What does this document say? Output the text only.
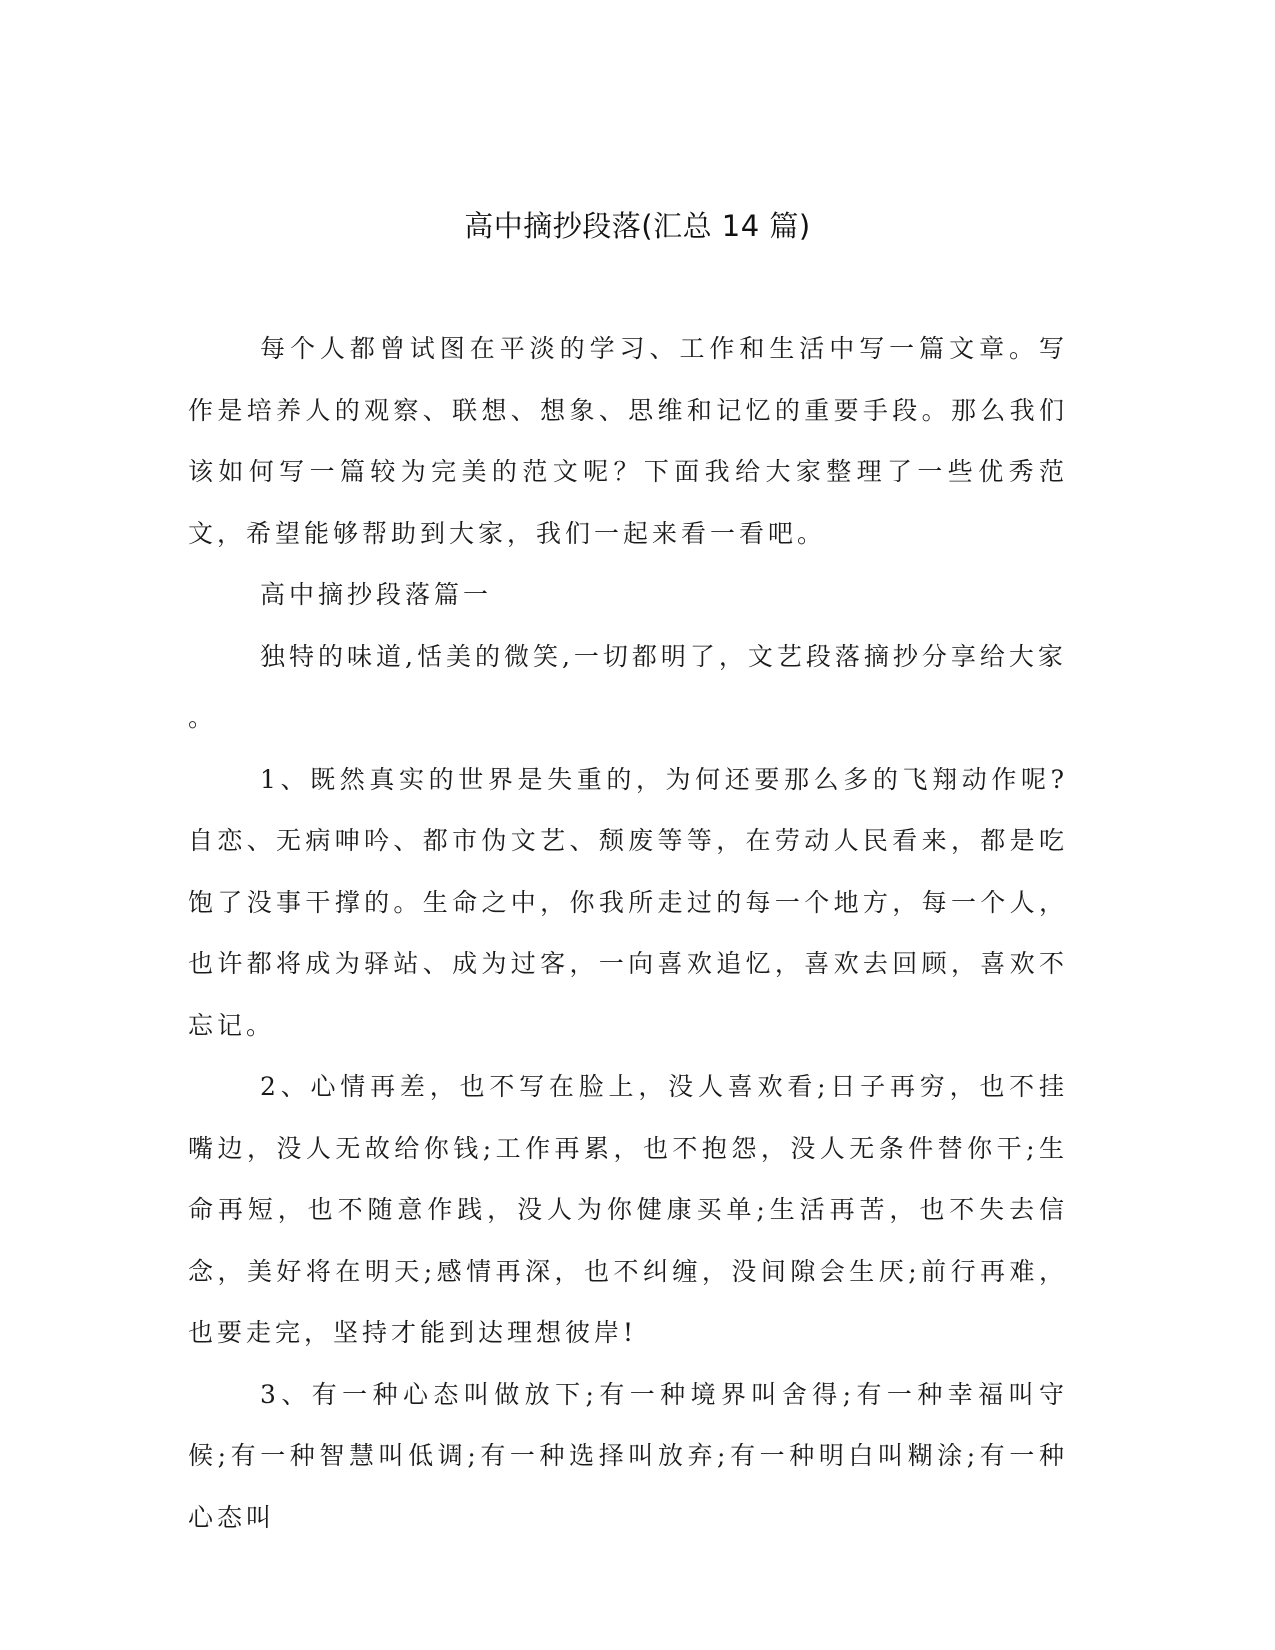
高中摘抄段落(汇总 14 篇)

每个人都曾试图在平淡的学习、工作和生活中写一篇文章。写作是培养人的观察、联想、想象、思维和记忆的重要手段。那么我们该如何写一篇较为完美的范文呢？下面我给大家整理了一些优秀范文，希望能够帮助到大家，我们一起来看一看吧。

高中摘抄段落篇一

独特的味道,恬美的微笑,一切都明了，文艺段落摘抄分享给大家

。

1、既然真实的世界是失重的，为何还要那么多的飞翔动作呢?自恋、无病呻吟、都市伪文艺、颓废等等，在劳动人民看来，都是吃饱了没事干撑的。生命之中，你我所走过的每一个地方，每一个人，也许都将成为驿站、成为过客，一向喜欢追忆，喜欢去回顾，喜欢不忘记。

2、心情再差，也不写在脸上，没人喜欢看;日子再穷，也不挂嘴边，没人无故给你钱;工作再累，也不抱怨，没人无条件替你干;生命再短，也不随意作践，没人为你健康买单;生活再苦，也不失去信念，美好将在明天;感情再深，也不纠缠，没间隙会生厌;前行再难，也要走完，坚持才能到达理想彼岸!

3、有一种心态叫做放下;有一种境界叫舍得;有一种幸福叫守候;有一种智慧叫低调;有一种选择叫放弃;有一种明白叫糊涂;有一种心态叫
